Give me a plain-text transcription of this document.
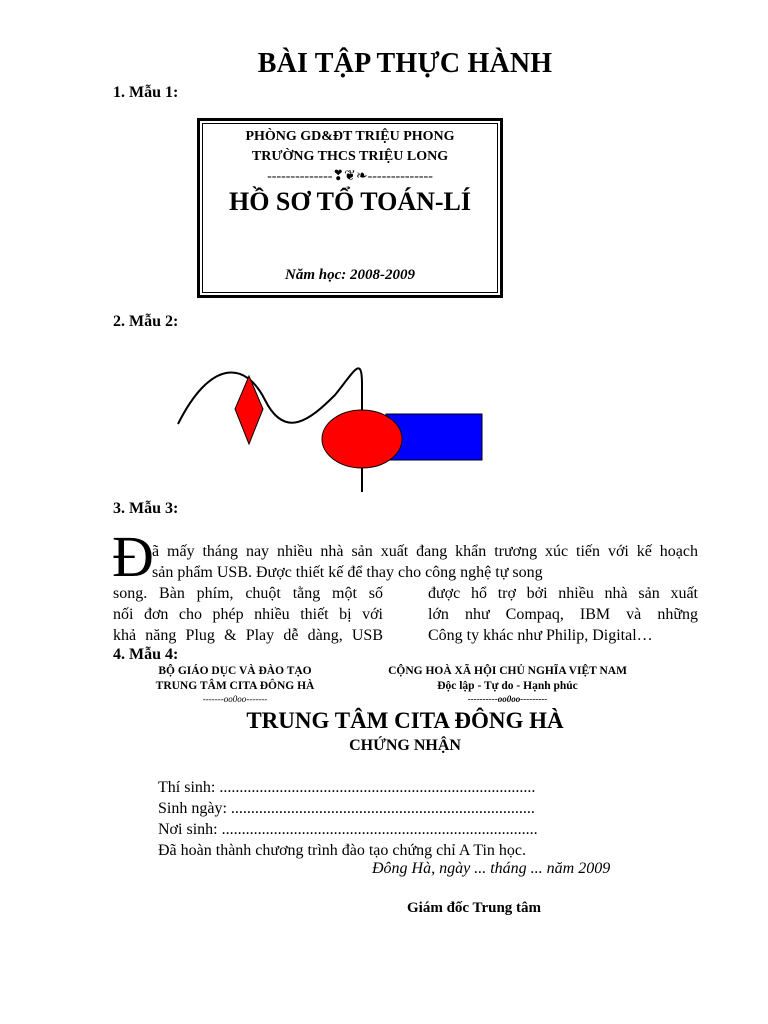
BÀI TẬP THỰC HÀNH
1. Mẫu 1:
PHÒNG GD&ĐT TRIỆU PHONG
TRƯỜNG THCS TRIỆU LONG
--------------❣❦❧--------------
HỒ SƠ TỔ TOÁN-LÍ
Năm học: 2008-2009
2. Mẫu 2:
3. Mẫu 3:
Đ
ã mấy tháng nay nhiều nhà sản xuất đang khẩn trương xúc tiến với kế hoạch
sản phẩm USB. Được thiết kế để thay cho công nghệ tự song
song. Bàn phím, chuột tằng một số
nối đơn cho phép nhiều thiết bị với
khả năng Plug & Play dễ dàng, USB
được hổ trợ bởi nhiều nhà sản xuất
lớn như Compaq, IBM và những
Công ty khác như Philip, Digital…
4. Mẫu 4:
BỘ GIÁO DỤC VÀ ĐÀO TẠO
TRUNG TÂM CITA ĐÔNG HÀ
-------oo0oo-------
CỘNG HOÀ XÃ HỘI CHỦ NGHĨA VIỆT NAM
Độc lập - Tự do - Hạnh phúc
----------oo0oo---------
TRUNG TÂM CITA ĐÔNG HÀ
CHỨNG NHẬN
Thí sinh: ...............................................................................
Sinh ngày: ............................................................................
Nơi sinh: ...............................................................................
Đã hoàn thành chương trình đào tạo chứng chỉ A Tin học.
Đông Hà, ngày ... tháng ... năm 2009
Giám đốc Trung tâm
